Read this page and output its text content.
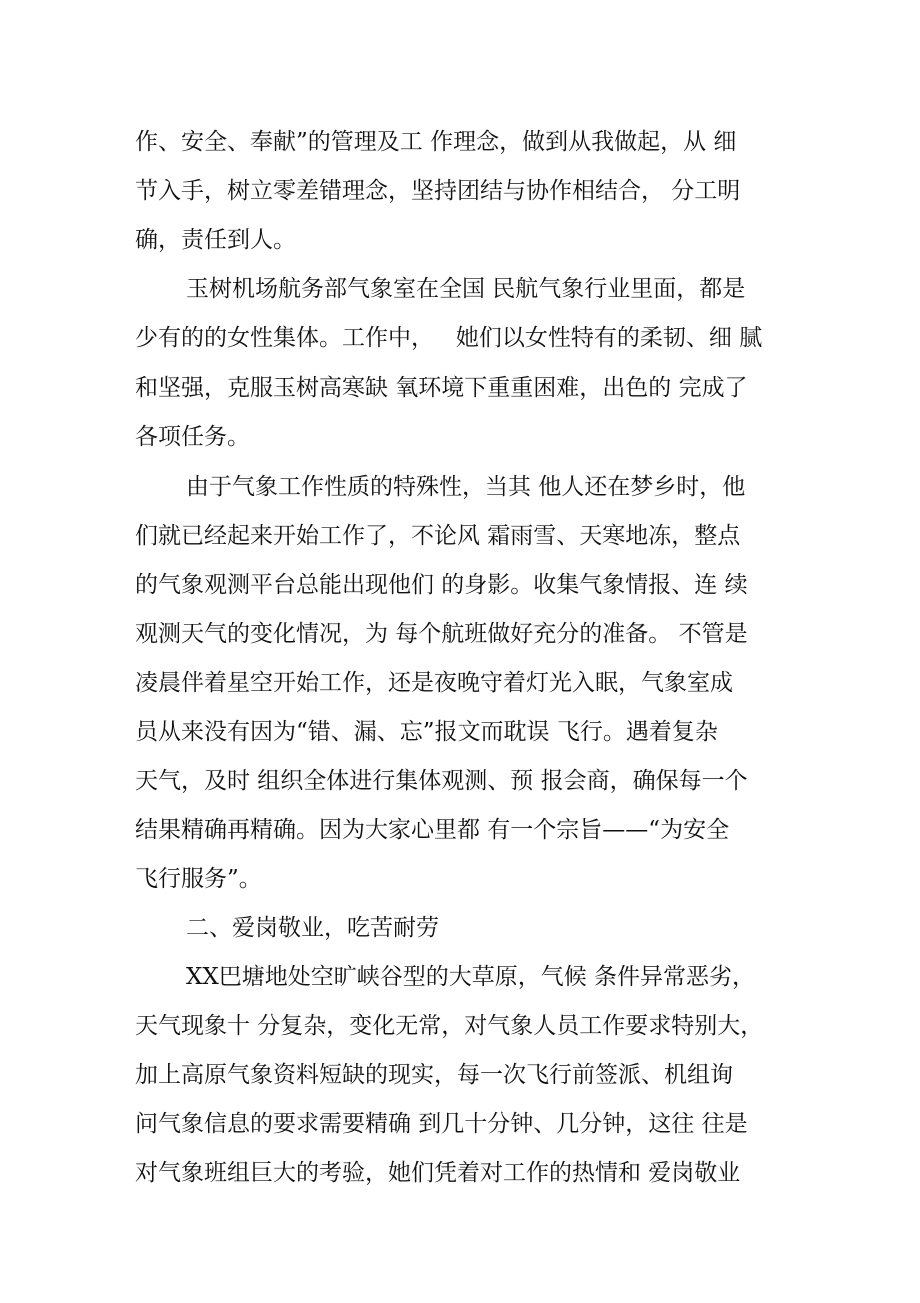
作、安全、奉献”的管理及工 作理念，做到从我做起，从 细
节入手，树立零差错理念，坚持团结与协作相结合， 分工明
确，责任到人。
玉树机场航务部气象室在全国 民航气象行业里面，都是
少有的的女性集体。工作中，   她们以女性特有的柔韧、细 腻
和坚强，克服玉树高寒缺 氧环境下重重困难，出色的 完成了
各项任务。
由于气象工作性质的特殊性，当其 他人还在梦乡时，他
们就已经起来开始工作了，不论风 霜雨雪、天寒地冻，整点
的气象观测平台总能出现他们 的身影。收集气象情报、连 续
观测天气的变化情况，为 每个航班做好充分的准备。 不管是
凌晨伴着星空开始工作，还是夜晚守着灯光入眠，气象室成
员从来没有因为“错、漏、忘”报文而耽误 飞行。遇着复杂
天气，及时 组织全体进行集体观测、预 报会商，确保每一个
结果精确再精确。因为大家心里都 有一个宗旨——“为安全
飞行服务”。
二、爱岗敬业，吃苦耐劳
XX巴塘地处空旷峡谷型的大草原，气候 条件异常恶劣，
天气现象十 分复杂，变化无常，对气象人员工作要求特别大，
加上高原气象资料短缺的现实，每一次飞行前签派、机组询
问气象信息的要求需要精确 到几十分钟、几分钟，这往 往是
对气象班组巨大的考验，她们凭着对工作的热情和 爱岗敬业
